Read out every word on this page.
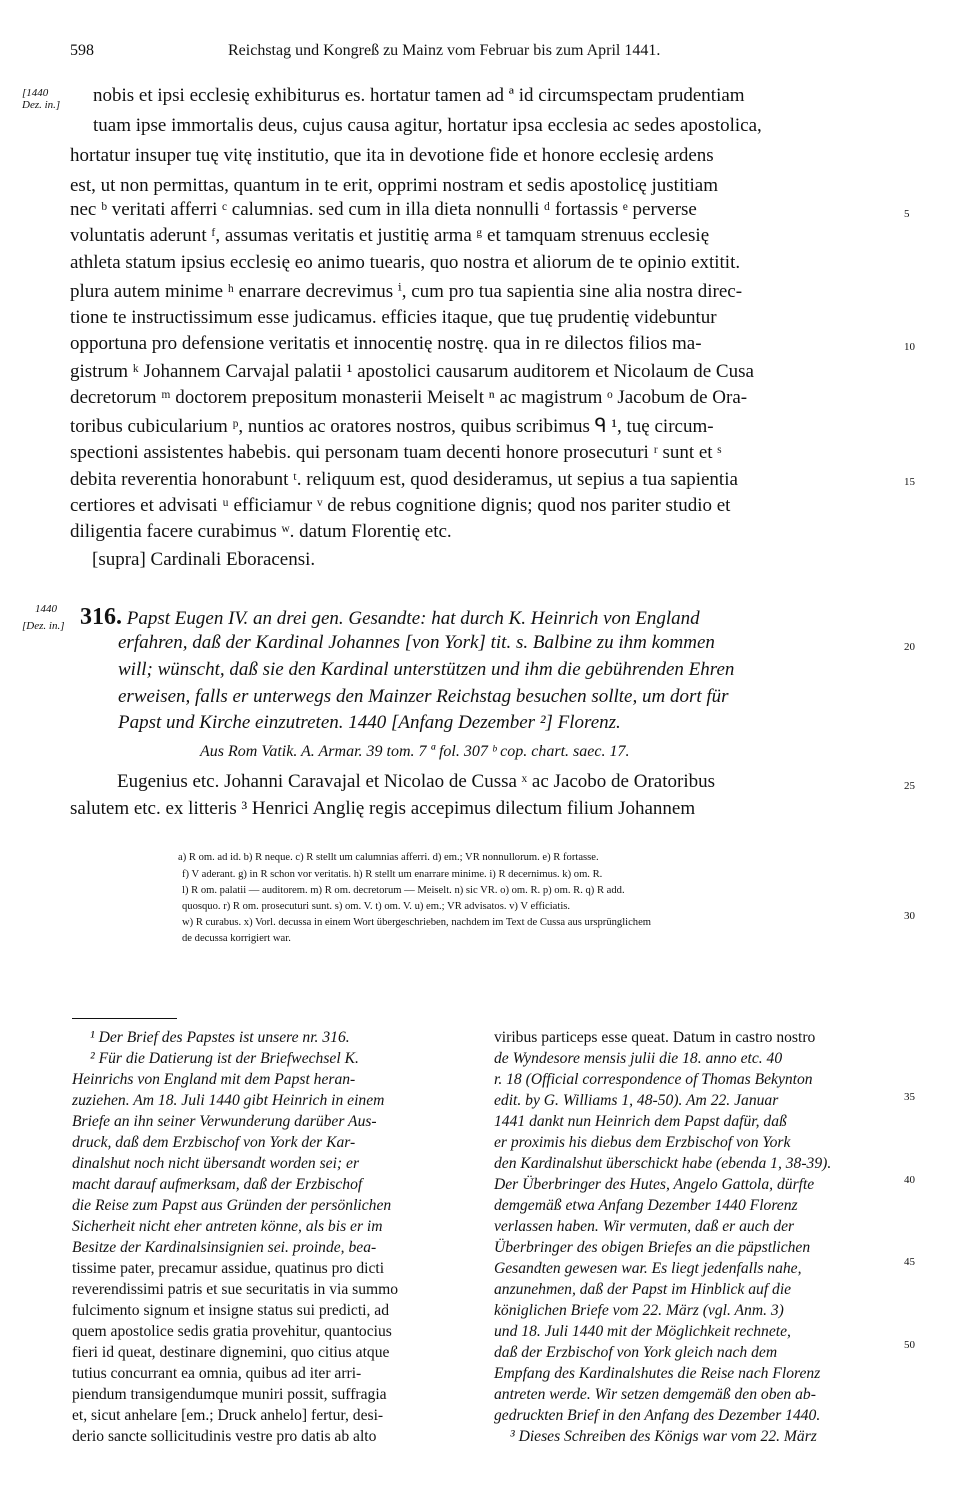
598	Reichstag und Kongreß zu Mainz vom Februar bis zum April 1441.
[1440
Dez. in.] nobis et ipsi ecclesię exhibiturus es. hortatur tamen ad ª id circumspectam prudentiam
tuam ipse immortalis deus, cujus causa agitur, hortatur ipsa ecclesia ac sedes apostolica,
hortatur insuper tuę vitę institutio, que ita in devotione fide et honore ecclesię ardens
est, ut non permittas, quantum in te erit, opprimi nostram et sedis apostolicę justitiam
nec ᵇ veritati afferri ᶜ calumnias. sed cum in illa dieta nonnulli ᵈ fortassis ᵉ perverse
voluntatis aderunt ᶠ, assumas veritatis et justitię arma ᵍ et tamquam strenuus ecclesię
athleta statum ipsius ecclesię eo animo tuearis, quo nostra et aliorum de te opinio extitit.
plura autem minime ʰ enarrare decrevimus ⁱ, cum pro tua sapientia sine alia nostra direc-
tione te instructissimum esse judicamus. efficies itaque, que tuę prudentię videbuntur
opportuna pro defensione veritatis et innocentię nostrę. qua in re dilectos filios ma-
gistrum ᵏ Johannem Carvajal palatii ¹ apostolici causarum auditorem et Nicolaum de Cusa
decretorum ᵐ doctorem prepositum monasterii Meiselt ⁿ ac magistrum ᵒ Jacobum de Ora-
toribus cubicularium ᵖ, nuntios ac oratores nostros, quibus scribimus ᑫ ¹, tuę circum-
spectioni assistentes habebis. qui personam tuam decenti honore prosecuturi ʳ sunt et ˢ
debita reverentia honorabunt ᵗ. reliquum est, quod desideramus, ut sepius a tua sapientia
certiores et advisati ᵘ efficiamur ᵛ de rebus cognitione dignis; quod nos pariter studio et
diligentia facere curabimus ʷ. datum Florentię etc.
[supra] Cardinali Eboracensi.
1440
[Dez. in.] 316. Papst Eugen IV. an drei gen. Gesandte: hat durch K. Heinrich von England
erfahren, daß der Kardinal Johannes [von York] tit. s. Balbine zu ihm kommen
will; wünscht, daß sie den Kardinal unterstützen und ihm die gebührenden Ehren
erweisen, falls er unterwegs den Mainzer Reichstag besuchen sollte, um dort für
Papst und Kirche einzutreten. 1440 [Anfang Dezember ²] Florenz.
Aus Rom Vatik. A. Armar. 39 tom. 7 ª fol. 307 ᵇ cop. chart. saec. 17.
Eugenius etc. Johanni Caravajal et Nicolao de Cussa ˣ ac Jacobo de Oratoribus
salutem etc. ex litteris ³ Henrici Anglię regis accepimus dilectum filium Johannem
a) R om. ad id. b) R neque. c) R stellt um calumnias afferri. d) em.; VR nonnullorum. e) R fortasse.
f) V aderant. g) in R schon vor veritatis. h) R stellt um enarrare minime. i) R decernimus. k) om. R.
l) R om. palatii — auditorem. m) R om. decretorum — Meiselt. n) sic VR. o) om. R. p) om. R. q) R add.
quosquo. r) R om. prosecuturi sunt. s) om. V. t) om. V. u) em.; VR advisatos. v) V efficiatis.
w) R curabus. x) Vorl. decussa in einem Wort übergeschrieben, nachdem im Text de Cussa aus ursprünglichem
de decussa korrigiert war.
5
10
15
20
25
30
35
40
45
50
¹ Der Brief des Papstes ist unsere nr. 316.
² Für die Datierung ist der Briefwechsel K.
Heinrichs von England mit dem Papst heran-
zuziehen. Am 18. Juli 1440 gibt Heinrich in einem
Briefe an ihn seiner Verwunderung darüber Aus-
druck, daß dem Erzbischof von York der Kar-
dinalshut noch nicht übersandt worden sei; er
macht darauf aufmerksam, daß der Erzbischof
die Reise zum Papst aus Gründen der persönlichen
Sicherheit nicht eher antreten könne, als bis er im
Besitze der Kardinalsinsignien sei. proinde, bea-
tissime pater, precamur assidue, quatinus pro dicti
reverendissimi patris et sue securitatis in via summo
fulcimento signum et insigne status sui predicti, ad
quem apostolice sedis gratia provehitur, quantocius
fieri id queat, destinare dignemini, quo citius atque
tutius concurrant ea omnia, quibus ad iter arri-
piendum transigendumque muniri possit, suffragia
et, sicut anhelare [em.; Druck anhelo] fertur, desi-
derio sancte sollicitudinis vestre pro datis ab alto
viribus particeps esse queat. Datum in castro nostro
de Wyndesore mensis julii die 18. anno etc. 40
r. 18 (Official correspondence of Thomas Bekynton
edit. by G. Williams 1, 48-50). Am 22. Januar
1441 dankt nun Heinrich dem Papst dafür, daß
er proximis his diebus dem Erzbischof von York
den Kardinalshut überschickt habe (ebenda 1, 38-39).
Der Überbringer des Hutes, Angelo Gattola, dürfte
demgemäß etwa Anfang Dezember 1440 Florenz
verlassen haben. Wir vermuten, daß er auch der
Überbringer des obigen Briefes an die päpstlichen
Gesandten gewesen war. Es liegt jedenfalls nahe,
anzunehmen, daß der Papst im Hinblick auf die
königlichen Briefe vom 22. März (vgl. Anm. 3)
und 18. Juli 1440 mit der Möglichkeit rechnete,
daß der Erzbischof von York gleich nach dem
Empfang des Kardinalshutes die Reise nach Florenz
antreten werde. Wir setzen demgemäß den oben ab-
gedruckten Brief in den Anfang des Dezember 1440.
³ Dieses Schreiben des Königs war vom 22. März
